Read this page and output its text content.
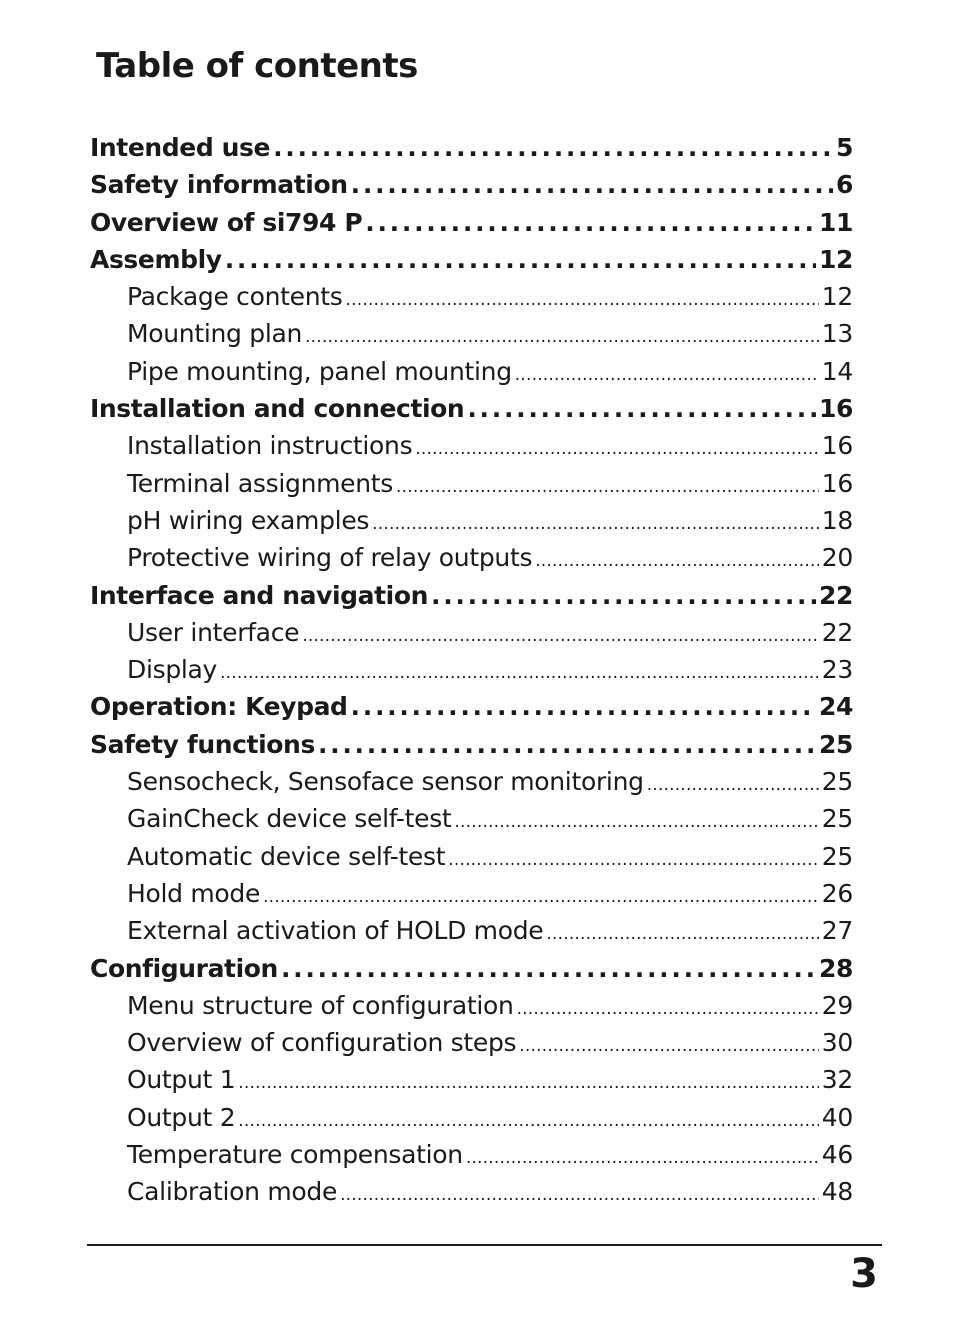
Table of contents
Intended use . . .	5
Safety information . . .	6
Overview of si794 P . . .	11
Assembly . . .	12
Package contents . . .	12
Mounting plan . . .	13
Pipe mounting, panel mounting . . .	14
Installation and connection . . .	16
Installation instructions . . .	16
Terminal assignments . . .	16
pH wiring examples . . .	18
Protective wiring of relay outputs . . .	20
Interface and navigation . . .	22
User interface . . .	22
Display . . .	23
Operation: Keypad . . .	24
Safety functions . . .	25
Sensocheck, Sensoface sensor monitoring . . .	25
GainCheck device self-test . . .	25
Automatic device self-test . . .	25
Hold mode . . .	26
External activation of HOLD mode . . .	27
Configuration . . .	28
Menu structure of configuration . . .	29
Overview of configuration steps . . .	30
Output 1 . . .	32
Output 2 . . .	40
Temperature compensation . . .	46
Calibration mode . . .	48
3
